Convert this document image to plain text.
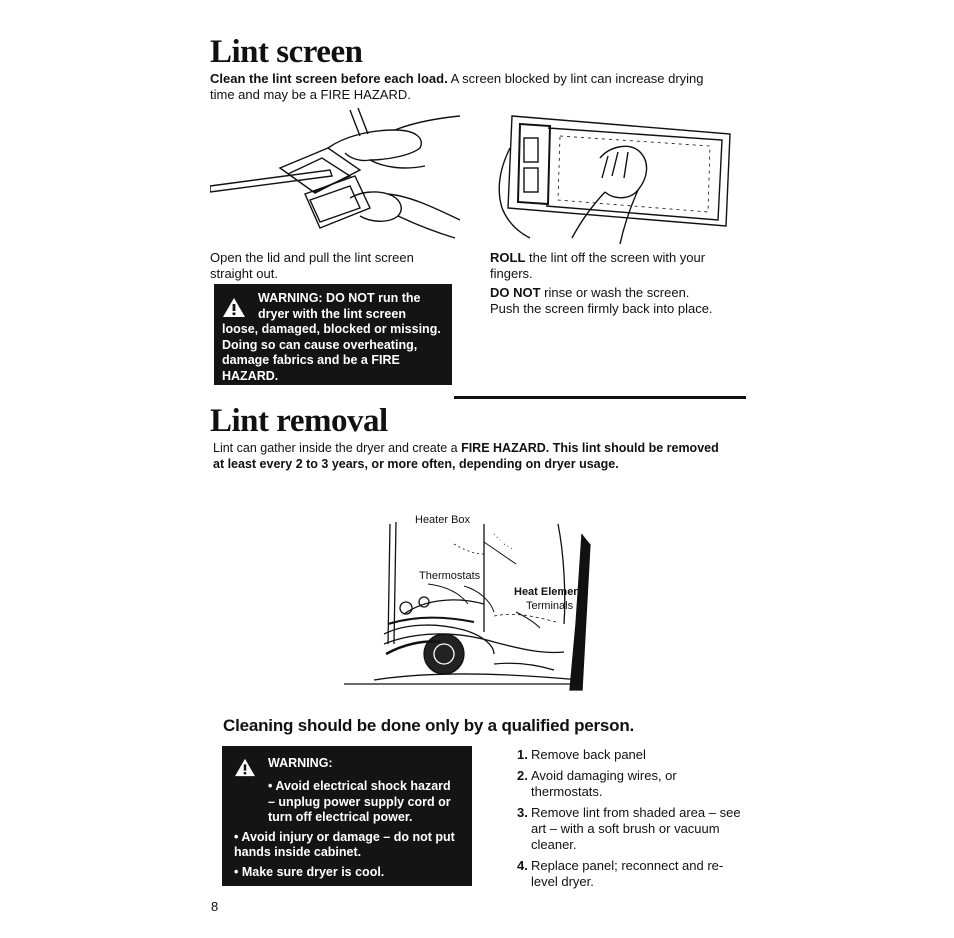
Lint screen
Clean the lint screen before each load. A screen blocked by lint can increase drying time and may be a FIRE HAZARD.
Open the lid and pull the lint screen straight out.
ROLL the lint off the screen with your fingers.
DO NOT rinse or wash the screen.
Push the screen firmly back into place.
WARNING: DO NOT run the
dryer with the lint screen
loose, damaged, blocked or missing. Doing so can cause overheating, damage fabrics and be a FIRE HAZARD.
Lint removal
Lint can gather inside the dryer and create a FIRE HAZARD. This lint should be removed at least every 2 to 3 years, or more often, depending on dryer usage.
Heater Box
Thermostats
Heat Element
Terminals
Cleaning should be done only by a qualified person.
WARNING:
• Avoid electrical shock hazard – unplug power supply cord or turn off electrical power.
• Avoid injury or damage – do not put hands inside cabinet.
• Make sure dryer is cool.
1. Remove back panel
2. Avoid damaging wires, or thermostats.
3. Remove lint from shaded area – see art – with a soft brush or vacuum cleaner.
4. Replace panel; reconnect and re-level dryer.
8
